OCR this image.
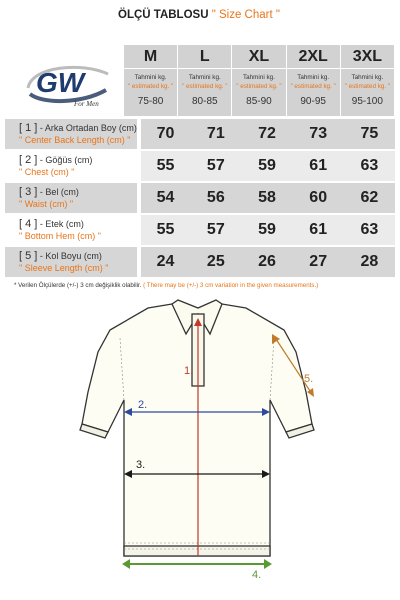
ÖLÇÜ TABLOSU " Size Chart "
GW
For Men
M	L	XL	2XL	3XL

Tahmini kg.
" estimated kg. "
75-80	Tahmini kg.
" estimated kg. "
80-85	Tahmini kg.
" estimated kg. "
85-90	Tahmini kg.
" estimated kg. "
90-95	Tahmini kg.
" estimated kg. "
95-100
[ 1 ] - Arka Ortadan Boy (cm)
" Center Back Length (cm) "	70	71	72	73	75

[ 2 ] - Göğüs (cm)
" Chest (cm) "	55	57	59	61	63

[ 3 ] - Bel (cm)
" Waist (cm) "	54	56	58	60	62

[ 4 ] - Etek (cm)
" Bottom Hem (cm) "	55	57	59	61	63

[ 5 ] - Kol Boyu (cm)
" Sleeve Length (cm) "	24	25	26	27	28
* Verilen Ölçülerde (+/-) 3 cm değişiklik olabilir. ( There may be (+/-) 3 cm variation in the given measurements.)
1.
2.
3.
4.
5.
